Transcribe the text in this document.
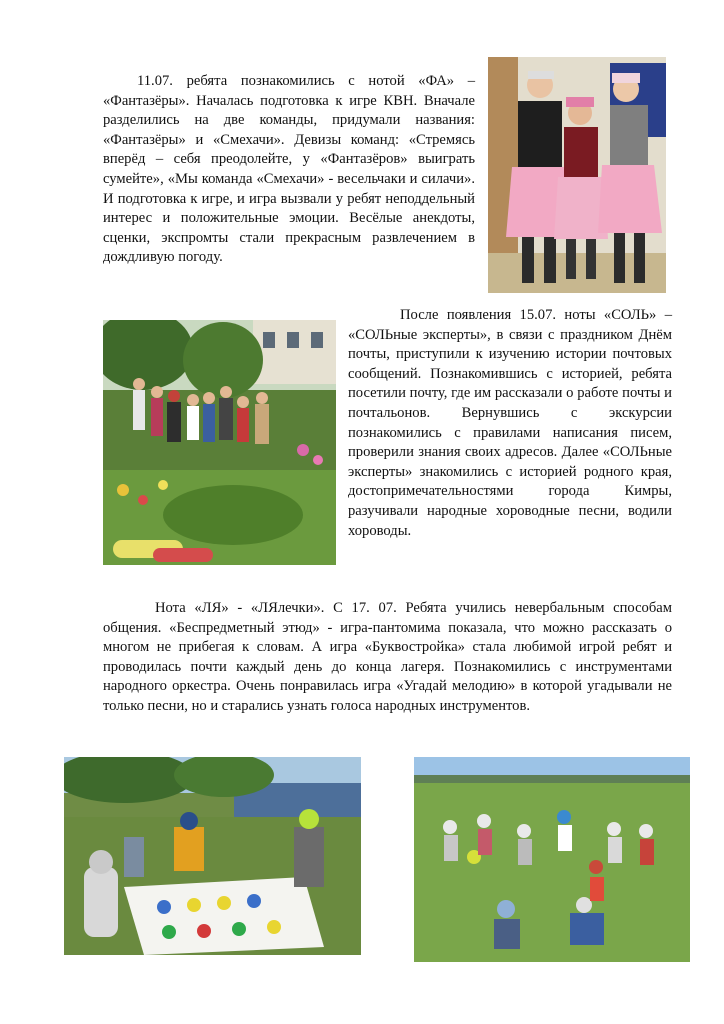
11.07. ребята познакомились с нотой «ФА» – «Фантазёры». Началась подготовка к игре КВН. Вначале разделились на две команды, придумали названия: «Фантазёры» и «Смехачи». Девизы команд: «Стремясь вперёд – себя преодолейте, у «Фантазёров» выиграть сумейте», «Мы команда «Смехачи» - весельчаки и силачи». И подготовка к игре, и игра вызвали у ребят неподдельный интерес и положительные эмоции. Весёлые анекдоты, сценки, экспромты стали прекрасным развлечением в дождливую погоду.

После появления 15.07. ноты «СОЛЬ» – «СОЛЬные эксперты», в связи с праздником Днём почты, приступили к изучению истории почтовых сообщений. Познакомившись с историей, ребята посетили почту, где им рассказали о работе почты и почтальонов. Вернувшись с экскурсии познакомились с правилами написания писем, проверили знания своих адресов. Далее «СОЛЬные эксперты» знакомились с историей родного края, достопримечательностями города Кимры, разучивали народные хороводные песни, водили хороводы.

Нота «ЛЯ» - «ЛЯлечки». С 17. 07. Ребята учились невербальным способам общения. «Беспредметный этюд» - игра-пантомима показала, что можно рассказать о многом не прибегая к словам. А игра «Буквостройка» стала любимой игрой ребят и проводилась почти каждый день до конца лагеря. Познакомились с инструментами народного оркестра. Очень понравилась игра «Угадай мелодию» в которой угадывали не только песни, но и старались узнать голоса народных инструментов.
